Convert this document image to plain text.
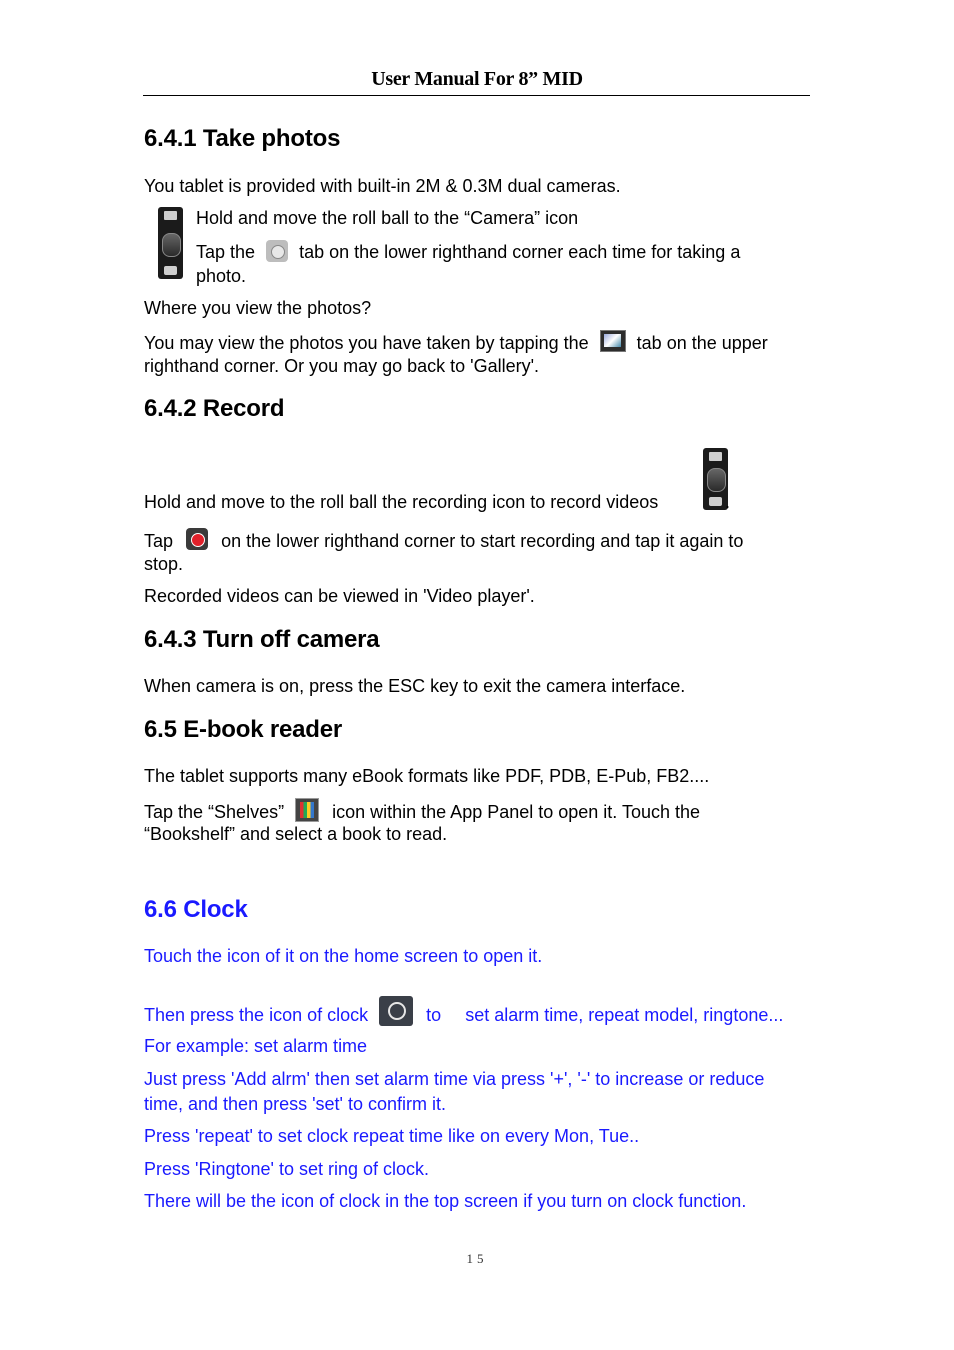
User Manual For 8” MID
6.4.1 Take photos
You tablet is provided with built-in 2M & 0.3M dual cameras.
Hold and move the roll ball to the “Camera” icon
Tap the tab on the lower righthand corner each time for taking a
photo.
Where you view the photos?
You may view the photos you have taken by tapping the	tab on the upper
righthand corner. Or you may go back to 'Gallery'.
6.4.2 Record
Hold and move to the roll ball the recording icon to record videos	.
Tap	on the lower righthand corner to start recording and tap it again to
stop.
Recorded videos can be viewed in 'Video player'.
6.4.3 Turn off camera
When camera is on, press the ESC key to exit the camera interface.
6.5 E-book reader
The tablet supports many eBook formats like PDF, PDB, E-Pub, FB2....
Tap the “Shelves”	icon within the App Panel to open it. Touch the
“Bookshelf” and select a book to read.
6.6 Clock
Touch the icon of it on the home screen to open it.
Then press the icon of clock	to set alarm time, repeat model, ringtone...
For example: set alarm time
Just press 'Add alrm' then set alarm time via press '+', '-' to increase or reduce
time, and then press 'set' to confirm it.
Press 'repeat' to set clock repeat time like on every Mon, Tue..
Press 'Ringtone' to set ring of clock.
There will be the icon of clock in the top screen if you turn on clock function.
15
